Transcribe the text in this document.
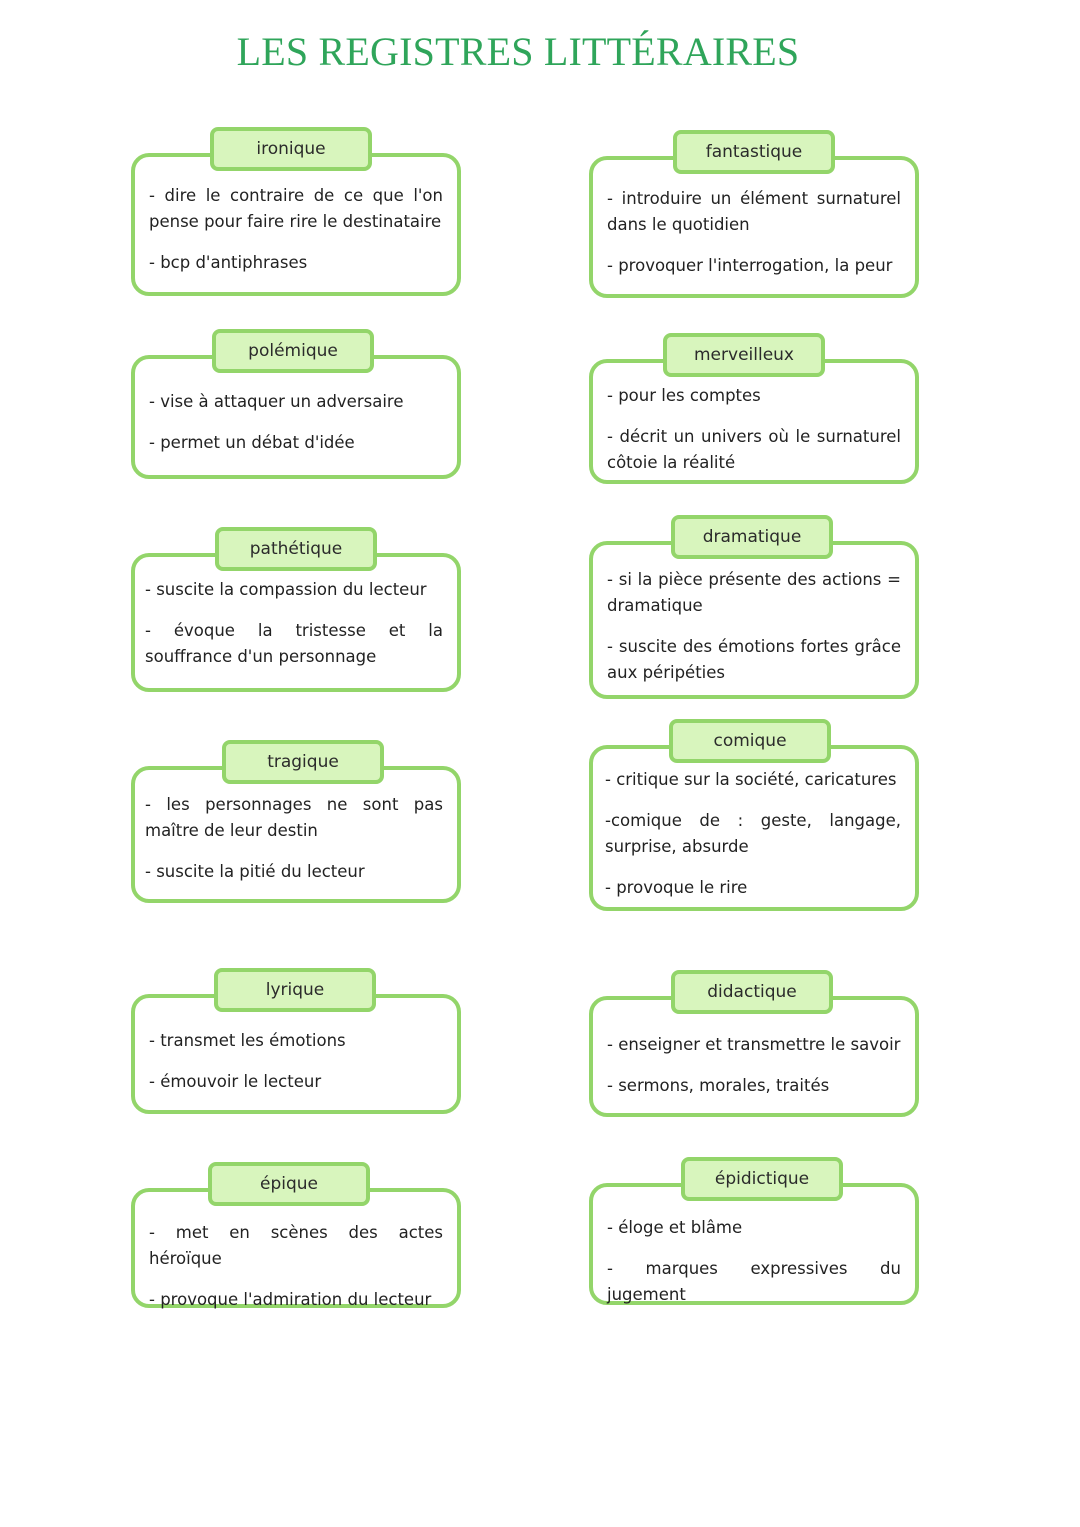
LES REGISTRES LITTÉRAIRES
ironique

- dire le contraire de ce que l'on pense pour faire rire le destinataire

- bcp d'antiphrases

polémique

- vise à attaquer un adversaire

- permet un débat d'idée

pathétique

- suscite la compassion du lecteur

- évoque la tristesse et la souffrance d'un personnage

tragique

- les personnages ne sont pas maître de leur destin

- suscite la pitié du lecteur

lyrique

- transmet les émotions

- émouvoir le lecteur

épique

- met en scènes des actes héroïque

- provoque l'admiration du lecteur

fantastique

- introduire un élément surnaturel dans le quotidien

- provoquer l'interrogation, la peur

merveilleux

- pour les comptes

- décrit un univers où le surnaturel côtoie la réalité

dramatique

- si la pièce présente des actions = dramatique

- suscite des émotions fortes grâce aux péripéties

comique

- critique sur la société, caricatures

-comique de : geste, langage, surprise, absurde

- provoque le rire

didactique

- enseigner et transmettre le savoir

- sermons, morales, traités

épidictique

- éloge et blâme

- marques expressives du jugement
